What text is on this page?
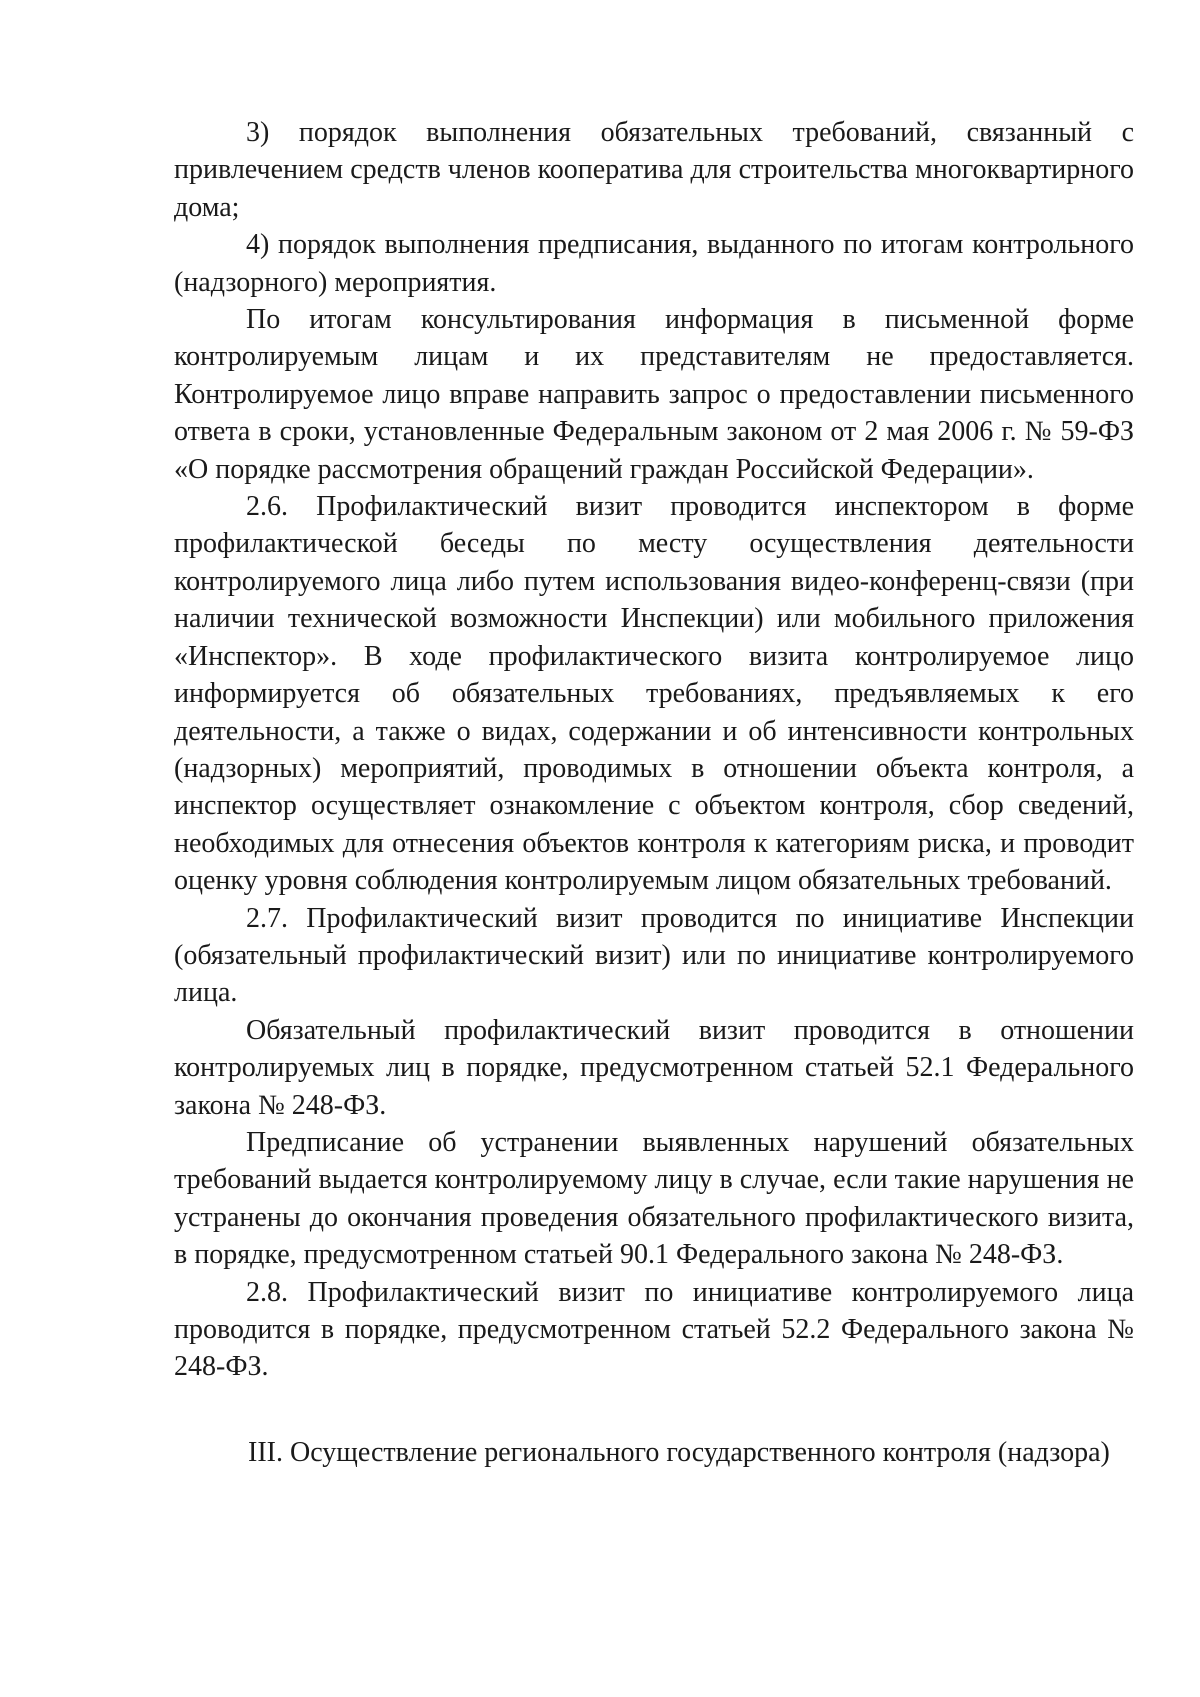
3) порядок выполнения обязательных требований, связанный с привлечением средств членов кооператива для строительства многоквартирного дома;

4) порядок выполнения предписания, выданного по итогам контрольного (надзорного) мероприятия.

По итогам консультирования информация в письменной форме контролируемым лицам и их представителям не предоставляется. Контролируемое лицо вправе направить запрос о предоставлении письменного ответа в сроки, установленные Федеральным законом от 2 мая 2006 г. № 59-ФЗ «О порядке рассмотрения обращений граждан Российской Федерации».

2.6. Профилактический визит проводится инспектором в форме профилактической беседы по месту осуществления деятельности контролируемого лица либо путем использования видео-конференц-связи (при наличии технической возможности Инспекции) или мобильного приложения «Инспектор». В ходе профилактического визита контролируемое лицо информируется об обязательных требованиях, предъявляемых к его деятельности, а также о видах, содержании и об интенсивности контрольных (надзорных) мероприятий, проводимых в отношении объекта контроля, а инспектор осуществляет ознакомление с объектом контроля, сбор сведений, необходимых для отнесения объектов контроля к категориям риска, и проводит оценку уровня соблюдения контролируемым лицом обязательных требований.

2.7. Профилактический визит проводится по инициативе Инспекции (обязательный профилактический визит) или по инициативе контролируемого лица.

Обязательный профилактический визит проводится в отношении контролируемых лиц в порядке, предусмотренном статьей 52.1 Федерального закона № 248-ФЗ.

Предписание об устранении выявленных нарушений обязательных требований выдается контролируемому лицу в случае, если такие нарушения не устранены до окончания проведения обязательного профилактического визита, в порядке, предусмотренном статьей 90.1 Федерального закона № 248-ФЗ.

2.8. Профилактический визит по инициативе контролируемого лица проводится в порядке, предусмотренном статьей 52.2 Федерального закона № 248-ФЗ.

III. Осуществление регионального государственного контроля (надзора)
